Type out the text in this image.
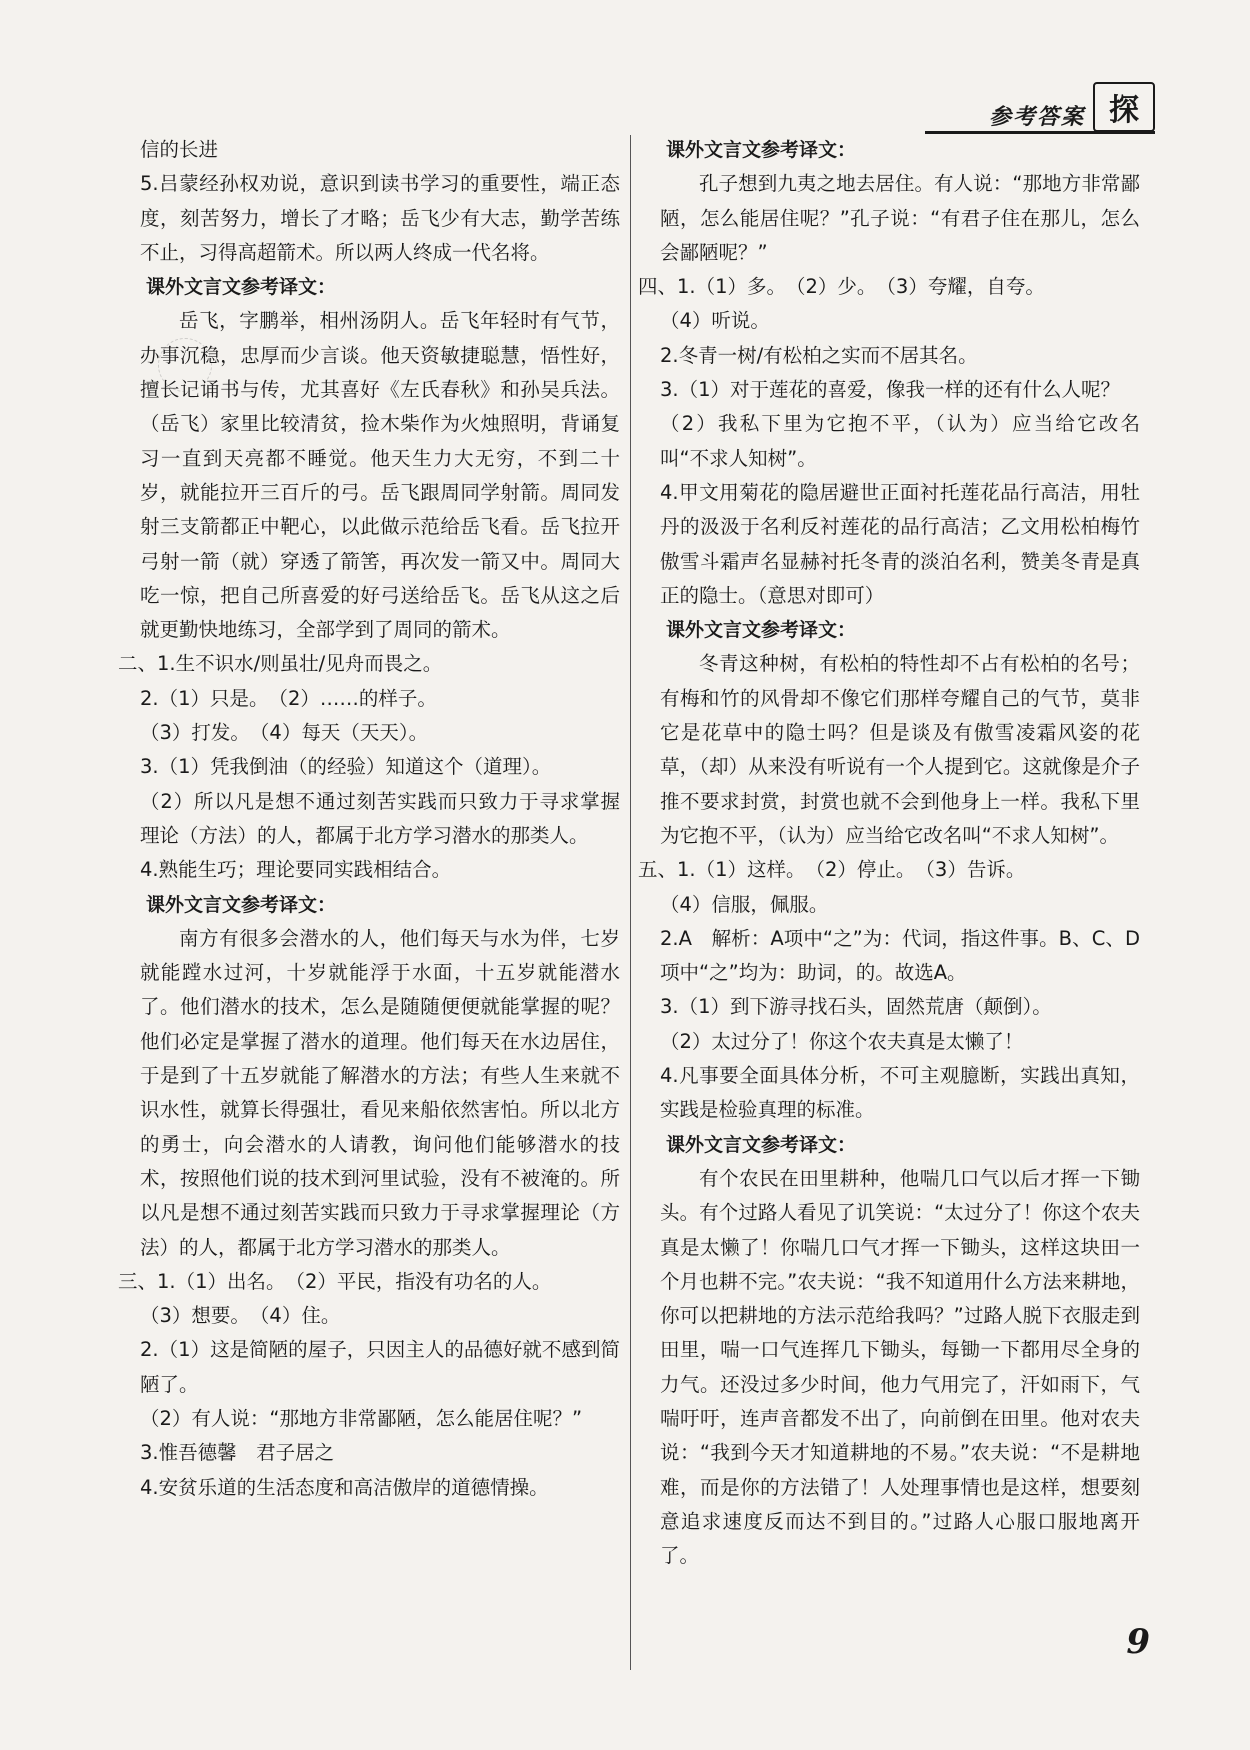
参考答案 探
信的长进
5.吕蒙经孙权劝说，意识到读书学习的重要性，端正态度，刻苦努力，增长了才略；岳飞少有大志，勤学苦练不止，习得高超箭术。所以两人终成一代名将。
课外文言文参考译文：
岳飞，字鹏举，相州汤阴人。岳飞年轻时有气节，办事沉稳，忠厚而少言谈。他天资敏捷聪慧，悟性好，擅长记诵书与传，尤其喜好《左氏春秋》和孙吴兵法。（岳飞）家里比较清贫，捡木柴作为火烛照明，背诵复习一直到天亮都不睡觉。他天生力大无穷，不到二十岁，就能拉开三百斤的弓。岳飞跟周同学射箭。周同发射三支箭都正中靶心，以此做示范给岳飞看。岳飞拉开弓射一箭（就）穿透了箭筈，再次发一箭又中。周同大吃一惊，把自己所喜爱的好弓送给岳飞。岳飞从这之后就更勤快地练习，全部学到了周同的箭术。
二、1.生不识水/则虽壮/见舟而畏之。
2.（1）只是。　（2）……的样子。
（3）打发。　（4）每天（天天）。
3.（1）凭我倒油（的经验）知道这个（道理）。
（2）所以凡是想不通过刻苦实践而只致力于寻求掌握理论（方法）的人，都属于北方学习潜水的那类人。
4.熟能生巧；理论要同实践相结合。
课外文言文参考译文：
南方有很多会潜水的人，他们每天与水为伴，七岁就能蹚水过河，十岁就能浮于水面，十五岁就能潜水了。他们潜水的技术，怎么是随随便便就能掌握的呢？他们必定是掌握了潜水的道理。他们每天在水边居住，于是到了十五岁就能了解潜水的方法；有些人生来就不识水性，就算长得强壮，看见来船依然害怕。所以北方的勇士，向会潜水的人请教，询问他们能够潜水的技术，按照他们说的技术到河里试验，没有不被淹的。所以凡是想不通过刻苦实践而只致力于寻求掌握理论（方法）的人，都属于北方学习潜水的那类人。
三、1.（1）出名。　（2）平民，指没有功名的人。
（3）想要。　（4）住。
2.（1）这是简陋的屋子，只因主人的品德好就不感到简陋了。
（2）有人说：“那地方非常鄙陋，怎么能居住呢？”
3.惟吾德馨　君子居之
4.安贫乐道的生活态度和高洁傲岸的道德情操。
课外文言文参考译文：
孔子想到九夷之地去居住。有人说：“那地方非常鄙陋，怎么能居住呢？”孔子说：“有君子住在那儿，怎么会鄙陋呢？”
四、1.（1）多。　（2）少。　（3）夸耀，自夸。
（4）听说。
2.冬青一树/有松柏之实而不居其名。
3.（1）对于莲花的喜爱，像我一样的还有什么人呢？
（2）我私下里为它抱不平，（认为）应当给它改名叫“不求人知树”。
4.甲文用菊花的隐居避世正面衬托莲花品行高洁，用牡丹的汲汲于名利反衬莲花的品行高洁；乙文用松柏梅竹傲雪斗霜声名显赫衬托冬青的淡泊名利，赞美冬青是真正的隐士。（意思对即可）
课外文言文参考译文：
冬青这种树，有松柏的特性却不占有松柏的名号；有梅和竹的风骨却不像它们那样夸耀自己的气节，莫非它是花草中的隐士吗？但是谈及有傲雪凌霜风姿的花草，（却）从来没有听说有一个人提到它。这就像是介子推不要求封赏，封赏也就不会到他身上一样。我私下里为它抱不平，（认为）应当给它改名叫“不求人知树”。
五、1.（1）这样。　（2）停止。　（3）告诉。
（4）信服，佩服。
2.A　解析：A项中“之”为：代词，指这件事。B、C、D项中“之”均为：助词，的。故选A。
3.（1）到下游寻找石头，固然荒唐（颠倒）。
（2）太过分了！你这个农夫真是太懒了！
4.凡事要全面具体分析，不可主观臆断，实践出真知，实践是检验真理的标准。
课外文言文参考译文：
有个农民在田里耕种，他喘几口气以后才挥一下锄头。有个过路人看见了讥笑说：“太过分了！你这个农夫真是太懒了！你喘几口气才挥一下锄头，这样这块田一个月也耕不完。”农夫说：“我不知道用什么方法来耕地，你可以把耕地的方法示范给我吗？”过路人脱下衣服走到田里，喘一口气连挥几下锄头，每锄一下都用尽全身的力气。还没过多少时间，他力气用完了，汗如雨下，气喘吁吁，连声音都发不出了，向前倒在田里。他对农夫说：“我到今天才知道耕地的不易。”农夫说：“不是耕地难，而是你的方法错了！人处理事情也是这样，想要刻意追求速度反而达不到目的。”过路人心服口服地离开了。
9
